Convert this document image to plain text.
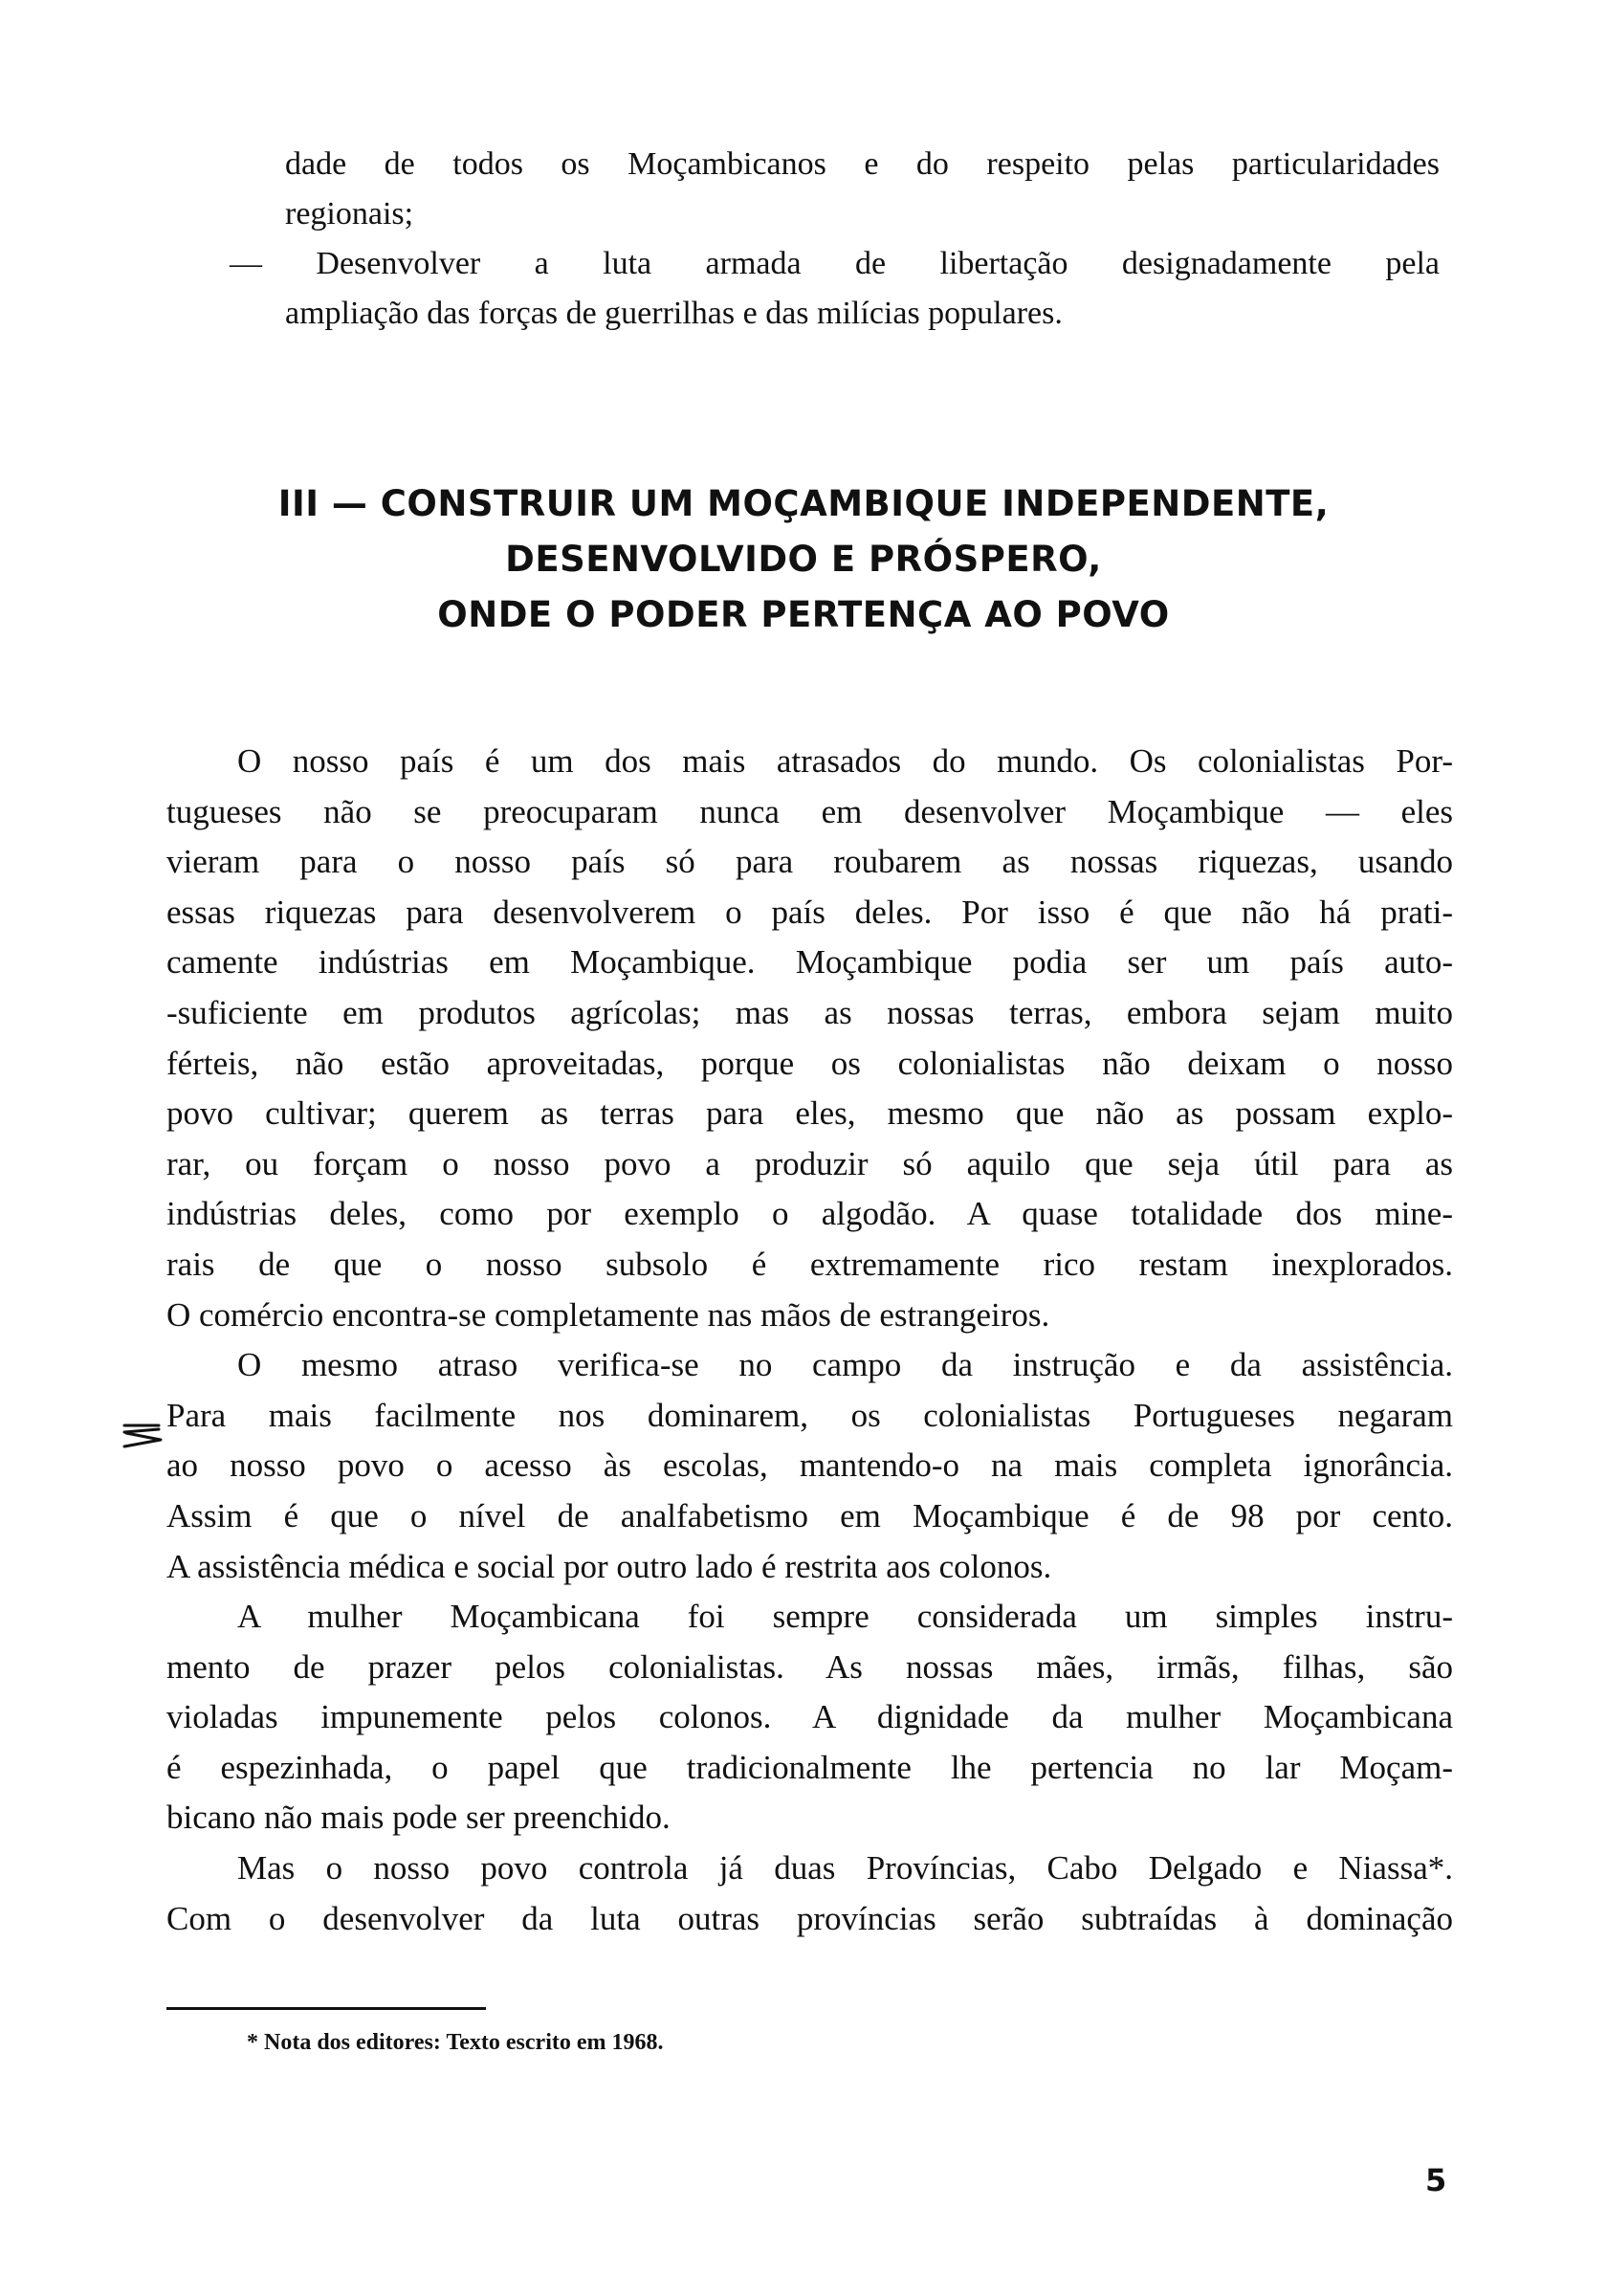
dade de todos os Moçambicanos e do respeito pelas particularidades
regionais;
— Desenvolver a luta armada de libertação designadamente pela
ampliação das forças de guerrilhas e das milícias populares.
III — CONSTRUIR UM MOÇAMBIQUE INDEPENDENTE,
DESENVOLVIDO E PRÓSPERO,
ONDE O PODER PERTENÇA AO POVO
O nosso país é um dos mais atrasados do mundo. Os colonialistas Por-
tugueses não se preocuparam nunca em desenvolver Moçambique — eles
vieram para o nosso país só para roubarem as nossas riquezas, usando
essas riquezas para desenvolverem o país deles. Por isso é que não há prati-
camente indústrias em Moçambique. Moçambique podia ser um país auto-
-suficiente em produtos agrícolas; mas as nossas terras, embora sejam muito
férteis, não estão aproveitadas, porque os colonialistas não deixam o nosso
povo cultivar; querem as terras para eles, mesmo que não as possam explo-
rar, ou forçam o nosso povo a produzir só aquilo que seja útil para as
indústrias deles, como por exemplo o algodão. A quase totalidade dos mine-
rais de que o nosso subsolo é extremamente rico restam inexplorados.
O comércio encontra-se completamente nas mãos de estrangeiros.
O mesmo atraso verifica-se no campo da instrução e da assistência.
Para mais facilmente nos dominarem, os colonialistas Portugueses negaram
ao nosso povo o acesso às escolas, mantendo-o na mais completa ignorância.
Assim é que o nível de analfabetismo em Moçambique é de 98 por cento.
A assistência médica e social por outro lado é restrita aos colonos.
A mulher Moçambicana foi sempre considerada um simples instru-
mento de prazer pelos colonialistas. As nossas mães, irmãs, filhas, são
violadas impunemente pelos colonos. A dignidade da mulher Moçambicana
é espezinhada, o papel que tradicionalmente lhe pertencia no lar Moçam-
bicano não mais pode ser preenchido.
Mas o nosso povo controla já duas Províncias, Cabo Delgado e Niassa*.
Com o desenvolver da luta outras províncias serão subtraídas à dominação
* Nota dos editores: Texto escrito em 1968.
5
